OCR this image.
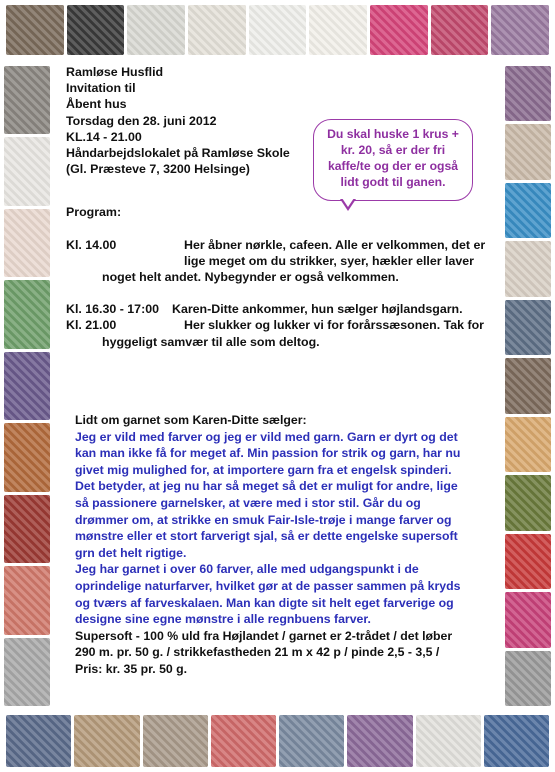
Ramløse Husflid
Invitation til
Åbent hus
Torsdag den 28. juni 2012
KL.14 - 21.00
Håndarbejdslokalet på Ramløse Skole
(Gl. Præsteve 7, 3200 Helsinge)
Program:
Kl. 14.00	Her åbner nørkle, cafeen. Alle er velkommen, det er
lige meget om du strikker, syer, hækler eller laver
noget helt andet. Nybegynder er også velkommen.
Kl. 16.30 - 17:00	Karen-Ditte ankommer, hun sælger højlandsgarn.
Kl. 21.00	Her slukker og lukker vi for forårssæsonen. Tak for
hyggeligt samvær til alle som deltog.
Du skal huske 1 krus +
kr. 20, så er der fri
kaffe/te og der er også
lidt godt til ganen.
Lidt om garnet som Karen-Ditte sælger:
Jeg er vild med farver og jeg er vild med garn. Garn er dyrt og det
kan man ikke få for meget af. Min passion for strik og garn, har nu
givet mig mulighed for, at importere garn fra et engelsk spinderi.
Det betyder, at jeg nu har så meget så det er muligt for andre, lige
så passionere garnelsker, at være med i stor stil. Går du og
drømmer om, at strikke en smuk Fair-Isle-trøje i mange farver og
mønstre eller et stort farverigt sjal, så er dette engelske supersoft
grn det helt rigtige.
Jeg har garnet i over 60 farver, alle med udgangspunkt i de
oprindelige naturfarver, hvilket gør at de passer sammen på kryds
og tværs af farveskalaen. Man kan digte sit helt eget farverige og
designe sine egne mønstre i alle regnbuens farver.
Supersoft - 100 % uld fra Højlandet / garnet er 2-trådet / det løber
290 m. pr. 50 g. / strikkefastheden 21 m x 42 p / pinde 2,5 - 3,5 /
Pris: kr. 35 pr. 50 g.
